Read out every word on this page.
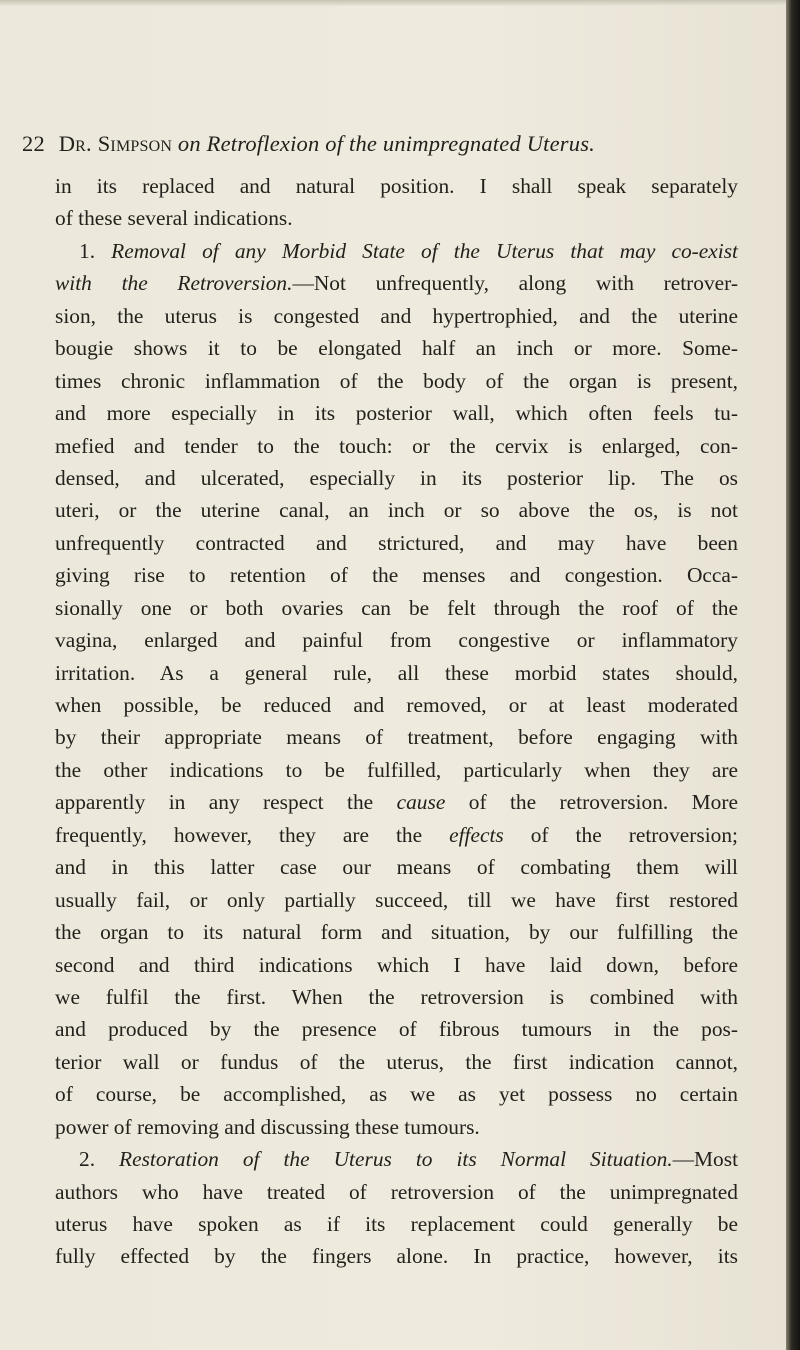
22 Dr. Simpson on Retroflexion of the unimpregnated Uterus.
in its replaced and natural position. I shall speak separately
of these several indications.
1. Removal of any Morbid State of the Uterus that may co-exist
with the Retroversion.—Not unfrequently, along with retrover-
sion, the uterus is congested and hypertrophied, and the uterine
bougie shows it to be elongated half an inch or more. Some-
times chronic inflammation of the body of the organ is present,
and more especially in its posterior wall, which often feels tu-
mefied and tender to the touch: or the cervix is enlarged, con-
densed, and ulcerated, especially in its posterior lip. The os
uteri, or the uterine canal, an inch or so above the os, is not
unfrequently contracted and strictured, and may have been
giving rise to retention of the menses and congestion. Occa-
sionally one or both ovaries can be felt through the roof of the
vagina, enlarged and painful from congestive or inflammatory
irritation. As a general rule, all these morbid states should,
when possible, be reduced and removed, or at least moderated
by their appropriate means of treatment, before engaging with
the other indications to be fulfilled, particularly when they are
apparently in any respect the cause of the retroversion. More
frequently, however, they are the effects of the retroversion;
and in this latter case our means of combating them will
usually fail, or only partially succeed, till we have first restored
the organ to its natural form and situation, by our fulfilling the
second and third indications which I have laid down, before
we fulfil the first. When the retroversion is combined with
and produced by the presence of fibrous tumours in the pos-
terior wall or fundus of the uterus, the first indication cannot,
of course, be accomplished, as we as yet possess no certain
power of removing and discussing these tumours.
2. Restoration of the Uterus to its Normal Situation.—Most
authors who have treated of retroversion of the unimpregnated
uterus have spoken as if its replacement could generally be
fully effected by the fingers alone. In practice, however, its
